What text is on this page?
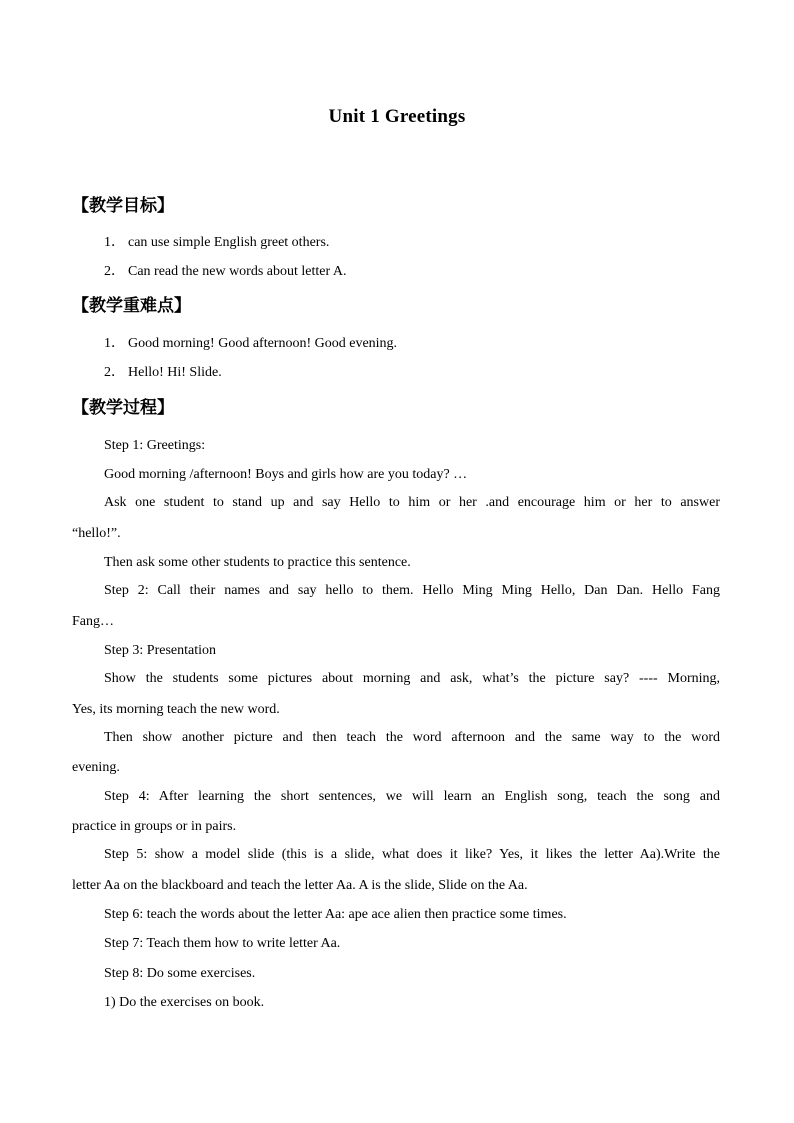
Unit 1 Greetings
【教学目标】
1． can use simple English greet others.
2． Can read the new words about letter A.
【教学重难点】
1． Good morning! Good afternoon! Good evening.
2． Hello! Hi! Slide.
【教学过程】
Step 1: Greetings:
Good morning /afternoon! Boys and girls how are you today? …
Ask one student to stand up and say Hello to him or her .and encourage him or her to answer
“hello!”.
Then ask some other students to practice this sentence.
Step 2: Call their names and say hello to them. Hello Ming Ming Hello, Dan Dan. Hello Fang
Fang…
Step 3: Presentation
Show the students some pictures about morning and ask, what’s the picture say? ---- Morning,
Yes, its morning teach the new word.
Then show another picture and then teach the word afternoon and the same way to the word
evening.
Step 4: After learning the short sentences, we will learn an English song, teach the song and
practice in groups or in pairs.
Step 5: show a model slide (this is a slide, what does it like? Yes, it likes the letter Aa).Write the
letter Aa on the blackboard and teach the letter Aa. A is the slide, Slide on the Aa.
Step 6: teach the words about the letter Aa: ape ace alien then practice some times.
Step 7: Teach them how to write letter Aa.
Step 8: Do some exercises.
1) Do the exercises on book.
